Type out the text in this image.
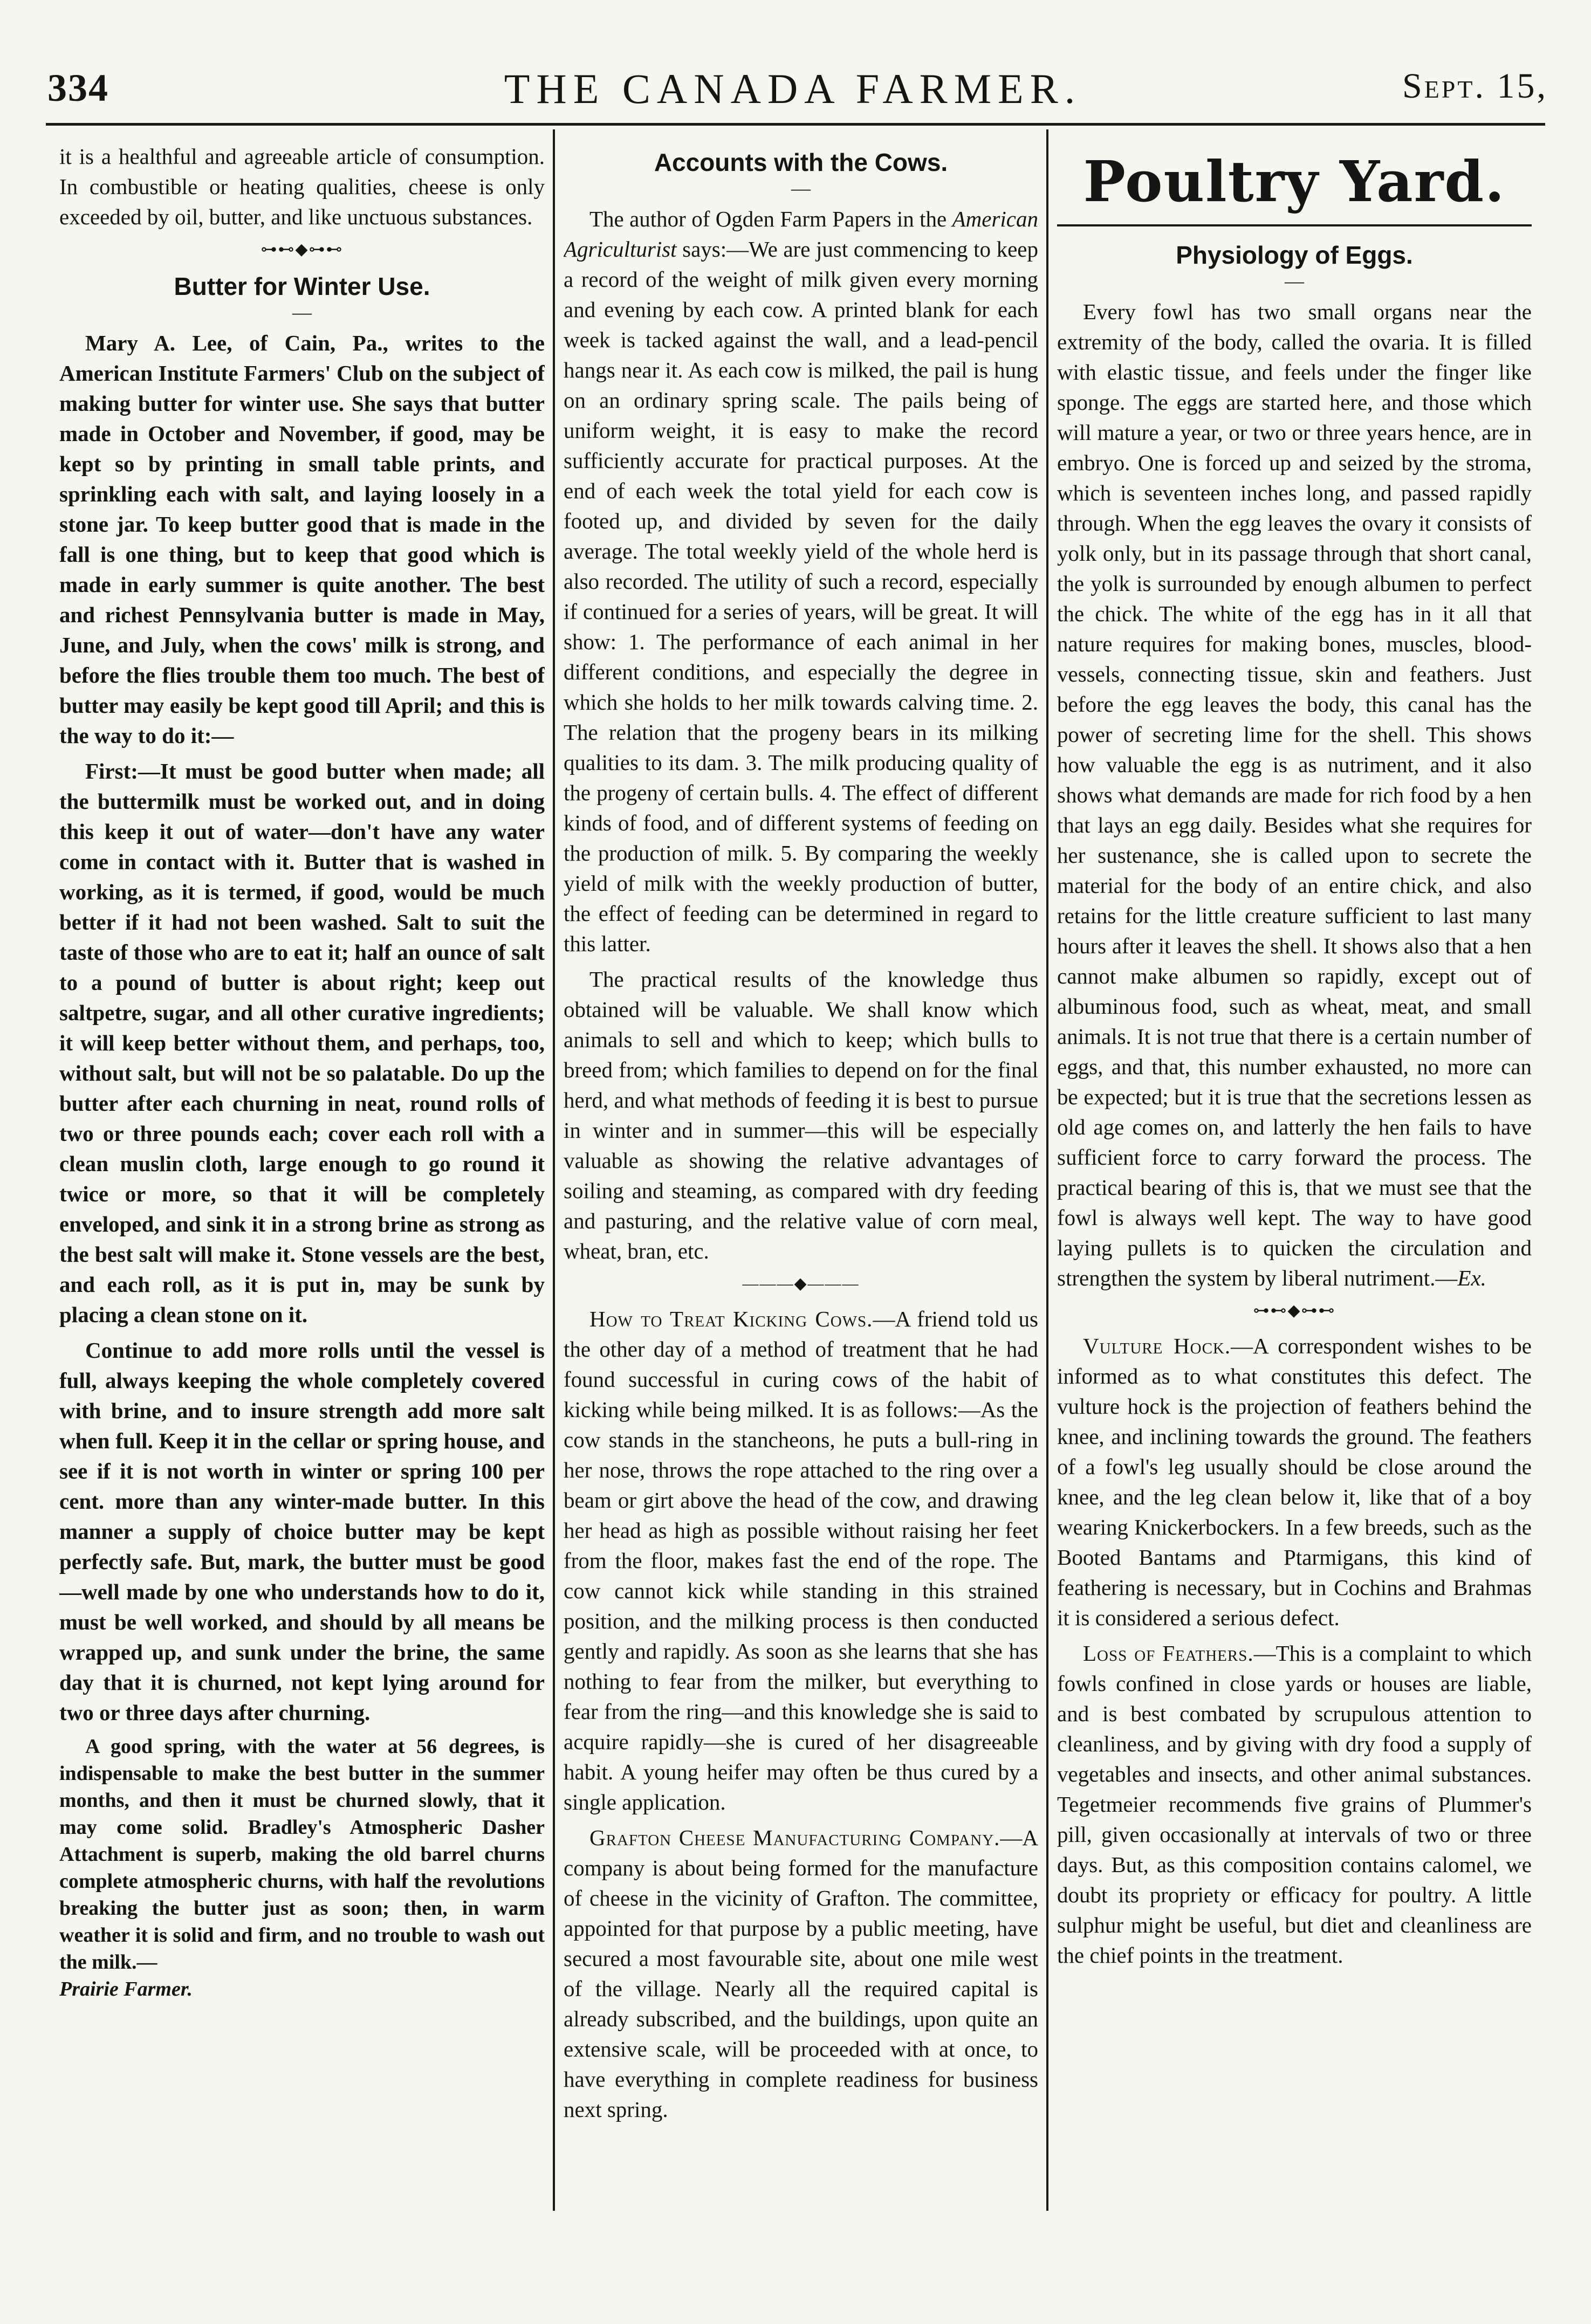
334	THE CANADA FARMER.	Sept. 15,

it is a healthful and agreeable article of consumption. In combustible or heating qualities, cheese is only exceeded by oil, butter, and like unctuous substances.

⊶⊷◆⊶⊷
Butter for Winter Use.
—

Mary A. Lee, of Cain, Pa., writes to the American Institute Farmers' Club on the subject of making butter for winter use. She says that butter made in October and November, if good, may be kept so by printing in small table prints, and sprinkling each with salt, and laying loosely in a stone jar. To keep butter good that is made in the fall is one thing, but to keep that good which is made in early summer is quite another. The best and richest Pennsylvania butter is made in May, June, and July, when the cows' milk is strong, and before the flies trouble them too much. The best of butter may easily be kept good till April; and this is the way to do it:—

First:—It must be good butter when made; all the buttermilk must be worked out, and in doing this keep it out of water—don't have any water come in contact with it. Butter that is washed in working, as it is termed, if good, would be much better if it had not been washed. Salt to suit the taste of those who are to eat it; half an ounce of salt to a pound of butter is about right; keep out saltpetre, sugar, and all other curative ingredients; it will keep better without them, and perhaps, too, without salt, but will not be so palatable. Do up the butter after each churning in neat, round rolls of two or three pounds each; cover each roll with a clean muslin cloth, large enough to go round it twice or more, so that it will be completely enveloped, and sink it in a strong brine as strong as the best salt will make it. Stone vessels are the best, and each roll, as it is put in, may be sunk by placing a clean stone on it.

Continue to add more rolls until the vessel is full, always keeping the whole completely covered with brine, and to insure strength add more salt when full. Keep it in the cellar or spring house, and see if it is not worth in winter or spring 100 per cent. more than any winter-made butter. In this manner a supply of choice butter may be kept perfectly safe. But, mark, the butter must be good—well made by one who understands how to do it, must be well worked, and should by all means be wrapped up, and sunk under the brine, the same day that it is churned, not kept lying around for two or three days after churning.

A good spring, with the water at 56 degrees, is indispensable to make the best butter in the summer months, and then it must be churned slowly, that it may come solid. Bradley's Atmospheric Dasher Attachment is superb, making the old barrel churns complete atmospheric churns, with half the revolutions breaking the butter just as soon; then, in warm weather it is solid and firm, and no trouble to wash out the milk.—
Prairie Farmer.

Accounts with the Cows.
—

The author of Ogden Farm Papers in the American Agriculturist says:—We are just commencing to keep a record of the weight of milk given every morning and evening by each cow. A printed blank for each week is tacked against the wall, and a lead-pencil hangs near it. As each cow is milked, the pail is hung on an ordinary spring scale. The pails being of uniform weight, it is easy to make the record sufficiently accurate for practical purposes. At the end of each week the total yield for each cow is footed up, and divided by seven for the daily average. The total weekly yield of the whole herd is also recorded. The utility of such a record, especially if continued for a series of years, will be great. It will show: 1. The performance of each animal in her different conditions, and especially the degree in which she holds to her milk towards calving time. 2. The relation that the progeny bears in its milking qualities to its dam. 3. The milk producing quality of the progeny of certain bulls. 4. The effect of different kinds of food, and of different systems of feeding on the production of milk. 5. By comparing the weekly yield of milk with the weekly production of butter, the effect of feeding can be determined in regard to this latter.

The practical results of the knowledge thus obtained will be valuable. We shall know which animals to sell and which to keep; which bulls to breed from; which families to depend on for the final herd, and what methods of feeding it is best to pursue in winter and in summer—this will be especially valuable as showing the relative advantages of soiling and steaming, as compared with dry feeding and pasturing, and the relative value of corn meal, wheat, bran, etc.

———◆———

How to Treat Kicking Cows.—A friend told us the other day of a method of treatment that he had found successful in curing cows of the habit of kicking while being milked. It is as follows:—As the cow stands in the stancheons, he puts a bull-ring in her nose, throws the rope attached to the ring over a beam or girt above the head of the cow, and drawing her head as high as possible without raising her feet from the floor, makes fast the end of the rope. The cow cannot kick while standing in this strained position, and the milking process is then conducted gently and rapidly. As soon as she learns that she has nothing to fear from the milker, but everything to fear from the ring—and this knowledge she is said to acquire rapidly—she is cured of her disagreeable habit. A young heifer may often be thus cured by a single application.

Grafton Cheese Manufacturing Company.—A company is about being formed for the manufacture of cheese in the vicinity of Grafton. The committee, appointed for that purpose by a public meeting, have secured a most favourable site, about one mile west of the village. Nearly all the required capital is already subscribed, and the buildings, upon quite an extensive scale, will be proceeded with at once, to have everything in complete readiness for business next spring.

Poultry Yard.
Physiology of Eggs.
—

Every fowl has two small organs near the extremity of the body, called the ovaria. It is filled with elastic tissue, and feels under the finger like sponge. The eggs are started here, and those which will mature a year, or two or three years hence, are in embryo. One is forced up and seized by the stroma, which is seventeen inches long, and passed rapidly through. When the egg leaves the ovary it consists of yolk only, but in its passage through that short canal, the yolk is surrounded by enough albumen to perfect the chick. The white of the egg has in it all that nature requires for making bones, muscles, blood-vessels, connecting tissue, skin and feathers. Just before the egg leaves the body, this canal has the power of secreting lime for the shell. This shows how valuable the egg is as nutriment, and it also shows what demands are made for rich food by a hen that lays an egg daily. Besides what she requires for her sustenance, she is called upon to secrete the material for the body of an entire chick, and also retains for the little creature sufficient to last many hours after it leaves the shell. It shows also that a hen cannot make albumen so rapidly, except out of albuminous food, such as wheat, meat, and small animals. It is not true that there is a certain number of eggs, and that, this number exhausted, no more can be expected; but it is true that the secretions lessen as old age comes on, and latterly the hen fails to have sufficient force to carry forward the process. The practical bearing of this is, that we must see that the fowl is always well kept. The way to have good laying pullets is to quicken the circulation and strengthen the system by liberal nutriment.—Ex.

⊶⊷◆⊶⊷

Vulture Hock.—A correspondent wishes to be informed as to what constitutes this defect. The vulture hock is the projection of feathers behind the knee, and inclining towards the ground. The feathers of a fowl's leg usually should be close around the knee, and the leg clean below it, like that of a boy wearing Knickerbockers. In a few breeds, such as the Booted Bantams and Ptarmigans, this kind of feathering is necessary, but in Cochins and Brahmas it is considered a serious defect.

Loss of Feathers.—This is a complaint to which fowls confined in close yards or houses are liable, and is best combated by scrupulous attention to cleanliness, and by giving with dry food a supply of vegetables and insects, and other animal substances. Tegetmeier recommends five grains of Plummer's pill, given occasionally at intervals of two or three days. But, as this composition contains calomel, we doubt its propriety or efficacy for poultry. A little sulphur might be useful, but diet and cleanliness are the chief points in the treatment.
